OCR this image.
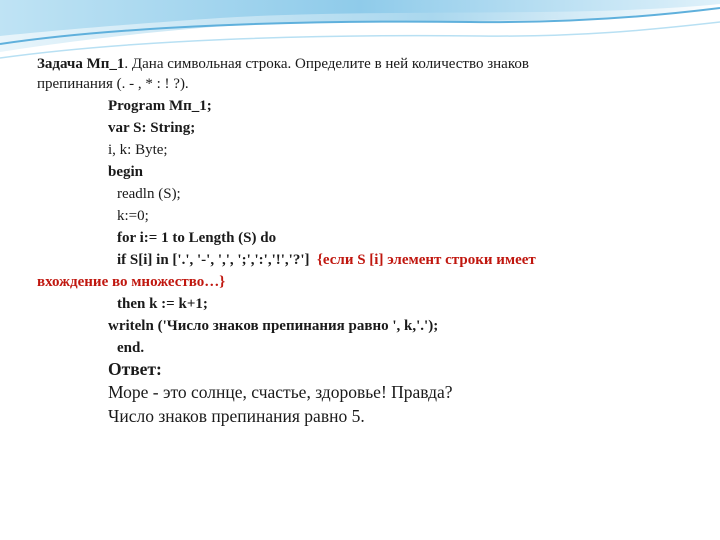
Задача Мп_1. Дана символьная строка. Определите в ней количество знаков
препинания (. - , * : ! ?).
Program Mп_1;
var S: String;
i, k: Byte;
begin
readln (S);
k:=0;
for i:= 1 to Length (S) do
if S[i] in ['.', '-', ',', ';',':','!','?'] {если S [i] элемент строки имеет
вхождение во множество…}
then k := k+1;
writeln ('Число знаков препинания равно ', k,'.');
end.
Ответ:
Море - это солнце, счастье, здоровье! Правда?
Число знаков препинания равно 5.
